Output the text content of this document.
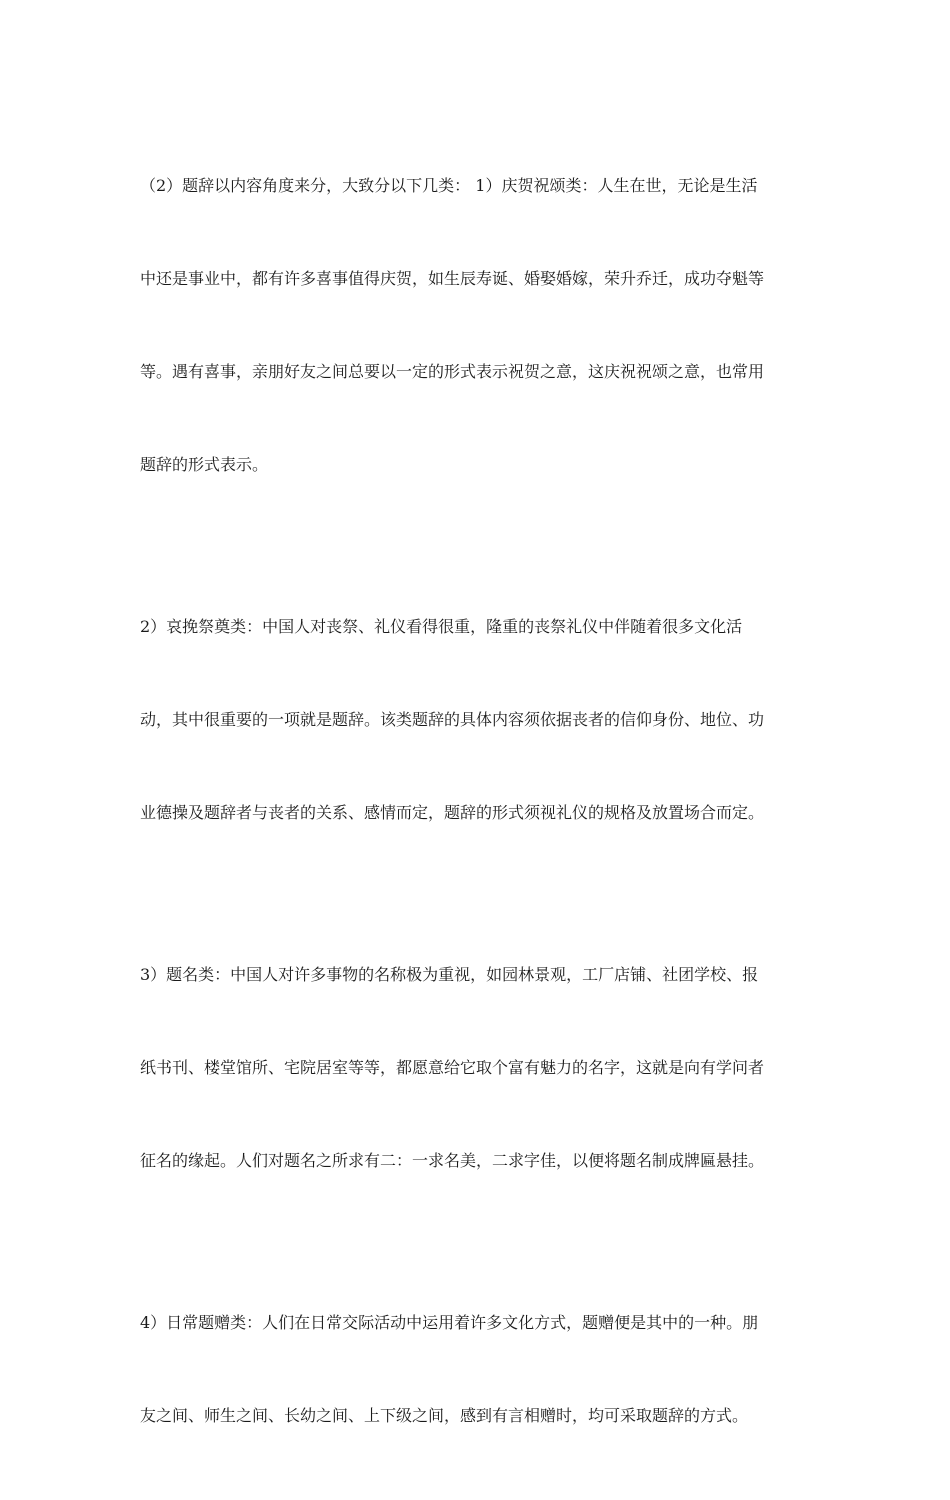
（2）题辞以内容角度来分，大致分以下几类： 1）庆贺祝颂类：人生在世，无论是生活

中还是事业中，都有许多喜事值得庆贺，如生辰寿诞、婚娶婚嫁，荣升乔迁，成功夺魁等

等。遇有喜事，亲朋好友之间总要以一定的形式表示祝贺之意，这庆祝祝颂之意，也常用

题辞的形式表示。

2）哀挽祭奠类：中国人对丧祭、礼仪看得很重，隆重的丧祭礼仪中伴随着很多文化活

动，其中很重要的一项就是题辞。该类题辞的具体内容须依据丧者的信仰身份、地位、功

业德操及题辞者与丧者的关系、感情而定，题辞的形式须视礼仪的规格及放置场合而定。

3）题名类：中国人对许多事物的名称极为重视，如园林景观，工厂店铺、社团学校、报

纸书刊、楼堂馆所、宅院居室等等，都愿意给它取个富有魅力的名字，这就是向有学问者

征名的缘起。人们对题名之所求有二：一求名美，二求字佳，以便将题名制成牌匾悬挂。

4）日常题赠类：人们在日常交际活动中运用着许多文化方式，题赠便是其中的一种。朋

友之间、师生之间、长幼之间、上下级之间，感到有言相赠时，均可采取题辞的方式。
